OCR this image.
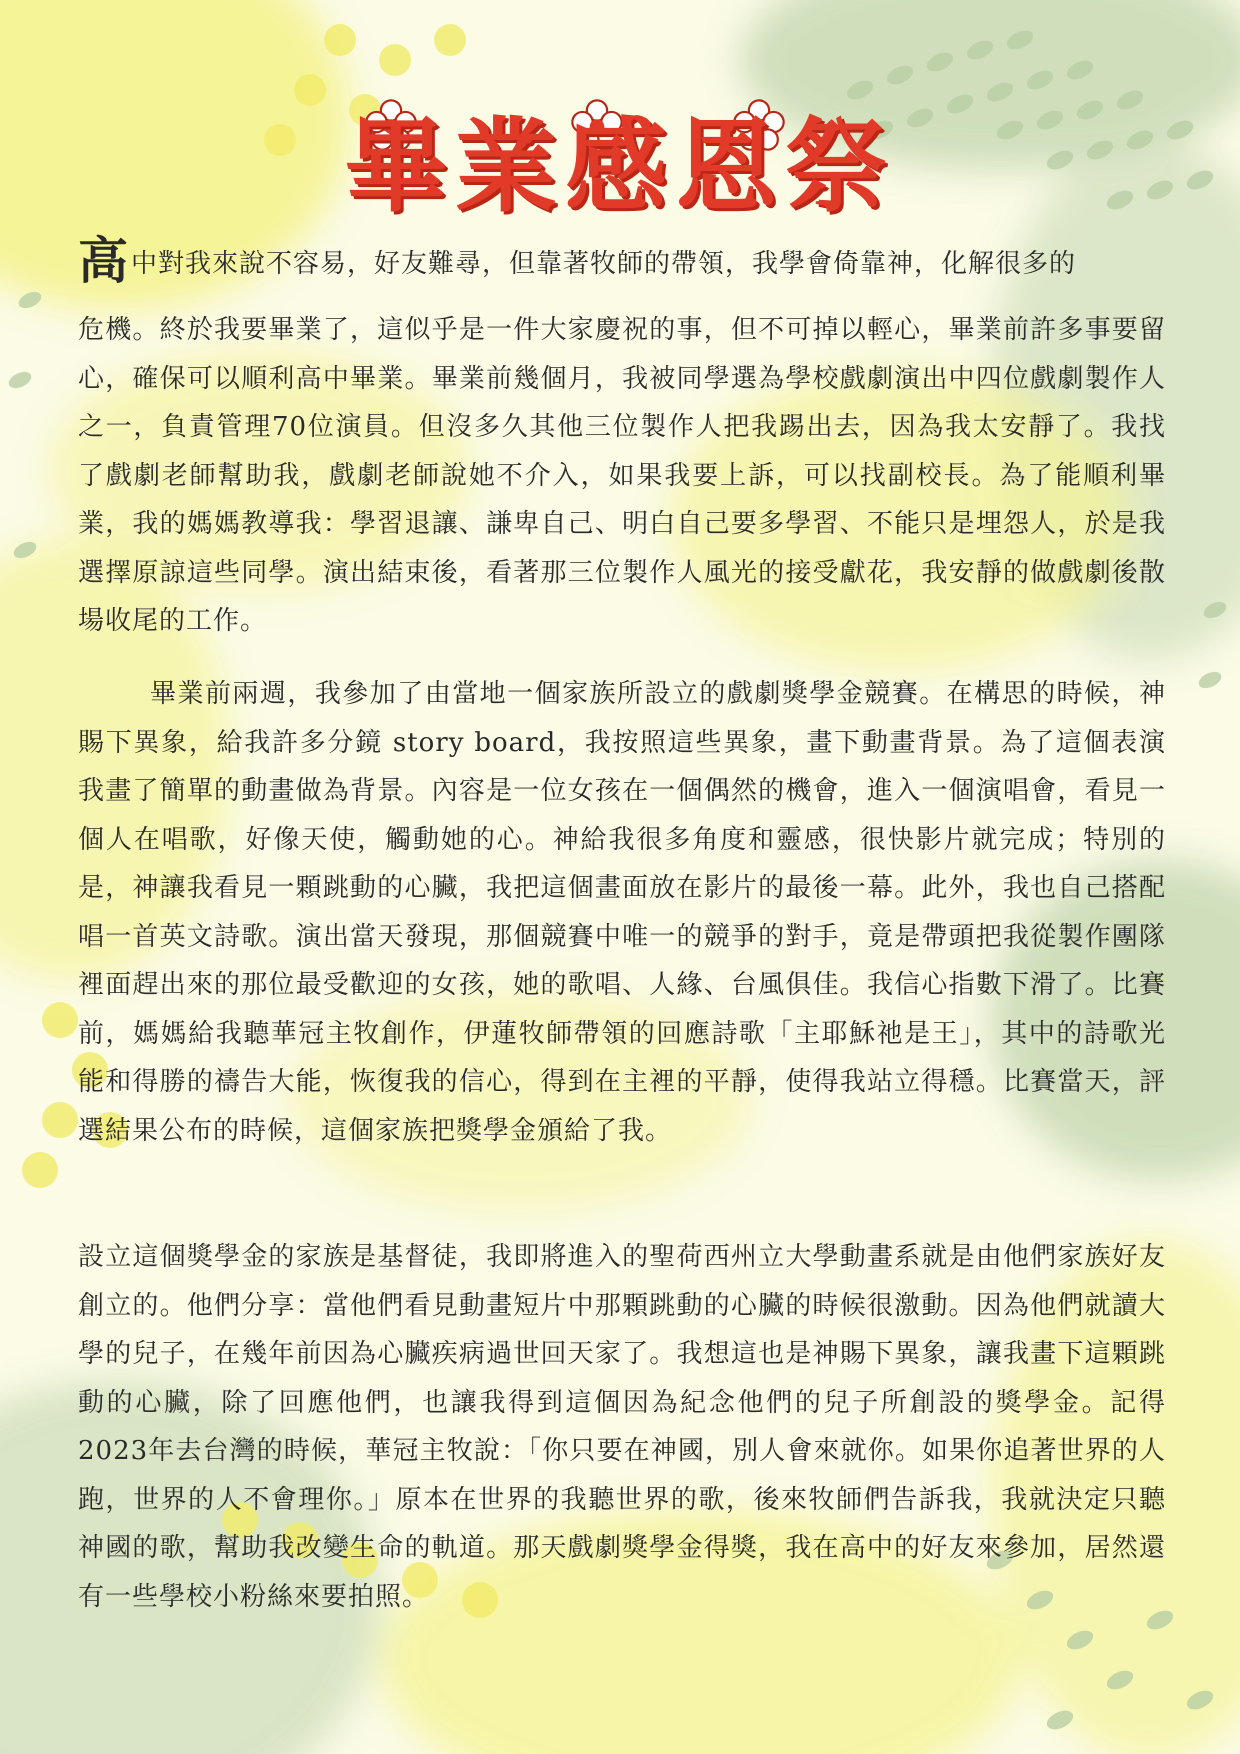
畢業感恩祭
高中對我來說不容易，好友難尋，但靠著牧師的帶領，我學會倚靠神，化解很多的

危機。終於我要畢業了，這似乎是一件大家慶祝的事，但不可掉以輕心，畢業前許多事要留心，確保可以順利高中畢業。畢業前幾個月，我被同學選為學校戲劇演出中四位戲劇製作人之一，負責管理70位演員。但沒多久其他三位製作人把我踢出去，因為我太安靜了。我找了戲劇老師幫助我，戲劇老師說她不介入，如果我要上訴，可以找副校長。為了能順利畢業，我的媽媽教導我：學習退讓、謙卑自己、明白自己要多學習、不能只是埋怨人，於是我選擇原諒這些同學。演出結束後，看著那三位製作人風光的接受獻花，我安靜的做戲劇後散場收尾的工作。

畢業前兩週，我參加了由當地一個家族所設立的戲劇獎學金競賽。在構思的時候，神賜下異象，給我許多分鏡 story board，我按照這些異象，畫下動畫背景。為了這個表演我畫了簡單的動畫做為背景。內容是一位女孩在一個偶然的機會，進入一個演唱會，看見一個人在唱歌，好像天使，觸動她的心。神給我很多角度和靈感，很快影片就完成；特別的是，神讓我看見一顆跳動的心臟，我把這個畫面放在影片的最後一幕。此外，我也自己搭配唱一首英文詩歌。演出當天發現，那個競賽中唯一的競爭的對手，竟是帶頭把我從製作團隊裡面趕出來的那位最受歡迎的女孩，她的歌唱、人緣、台風俱佳。我信心指數下滑了。比賽前，媽媽給我聽華冠主牧創作，伊蓮牧師帶領的回應詩歌「主耶穌祂是王」，其中的詩歌光能和得勝的禱告大能，恢復我的信心，得到在主裡的平靜，使得我站立得穩。比賽當天，評選結果公布的時候，這個家族把獎學金頒給了我。

設立這個獎學金的家族是基督徒，我即將進入的聖荷西州立大學動畫系就是由他們家族好友創立的。他們分享：當他們看見動畫短片中那顆跳動的心臟的時候很激動。因為他們就讀大學的兒子，在幾年前因為心臟疾病過世回天家了。我想這也是神賜下異象，讓我畫下這顆跳動的心臟，除了回應他們，也讓我得到這個因為紀念他們的兒子所創設的獎學金。記得2023年去台灣的時候，華冠主牧說：「你只要在神國，別人會來就你。如果你追著世界的人跑，世界的人不會理你。」原本在世界的我聽世界的歌，後來牧師們告訴我，我就決定只聽神國的歌，幫助我改變生命的軌道。那天戲劇獎學金得獎，我在高中的好友來參加，居然還有一些學校小粉絲來要拍照。
